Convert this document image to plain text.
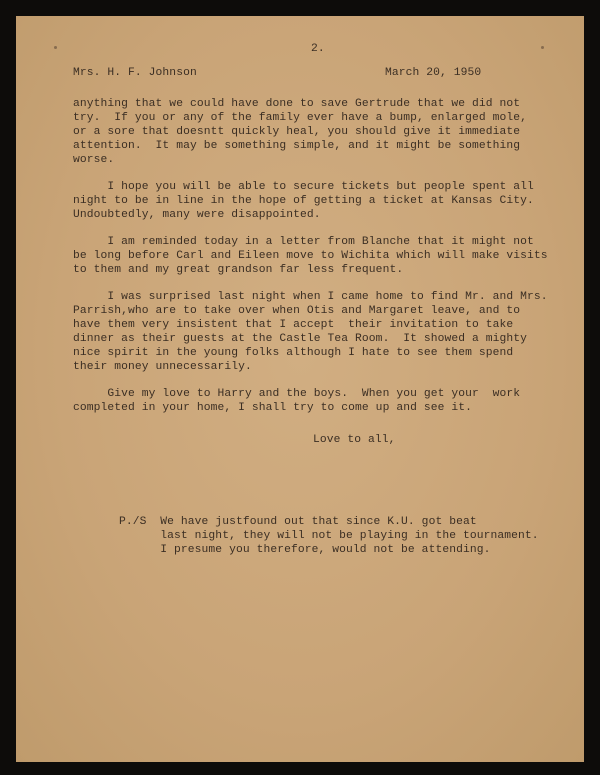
2.
Mrs. H. F. Johnson	March 20, 1950
anything that we could have done to save Gertrude that we did not
try.  If you or any of the family ever have a bump, enlarged mole,
or a sore that doesntt quickly heal, you should give it immediate
attention.  It may be something simple, and it might be something
worse.
I hope you will be able to secure tickets but people spent all
night to be in line in the hope of getting a ticket at Kansas City.
Undoubtedly, many were disappointed.
I am reminded today in a letter from Blanche that it might not
be long before Carl and Eileen move to Wichita which will make visits
to them and my great grandson far less frequent.
I was surprised last night when I came home to find Mr. and Mrs.
Parrish,who are to take over when Otis and Margaret leave, and to
have them very insistent that I accept  their invitation to take
dinner as their guests at the Castle Tea Room.  It showed a mighty
nice spirit in the young folks although I hate to see them spend
their money unnecessarily.
Give my love to Harry and the boys.  When you get your  work
completed in your home, I shall try to come up and see it.
Love to all,
P./S  We have justfound out that since K.U. got beat
last night, they will not be playing in the tournament.
I presume you therefore, would not be attending.
